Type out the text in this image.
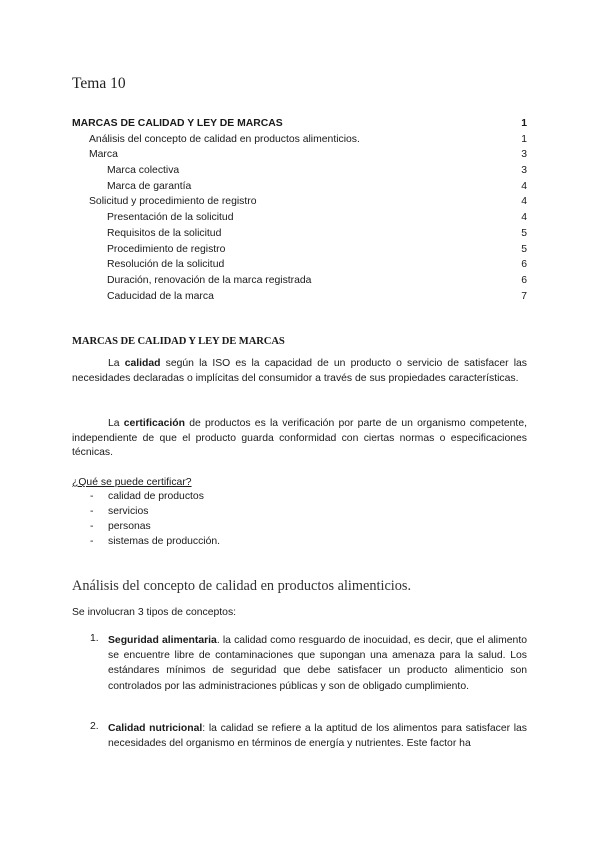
Tema 10
MARCAS DE CALIDAD Y LEY DE MARCAS	1
Análisis del concepto de calidad en productos alimenticios.	1
Marca	3
Marca colectiva	3
Marca de garantía	4
Solicitud y procedimiento de registro	4
Presentación de la solicitud	4
Requisitos de la solicitud	5
Procedimiento de registro	5
Resolución de la solicitud	6
Duración, renovación de la marca registrada	6
Caducidad de la marca	7
MARCAS DE CALIDAD Y LEY DE MARCAS

La calidad según la ISO es la capacidad de un producto o servicio de satisfacer las necesidades declaradas o implícitas del consumidor a través de sus propiedades características.

La certificación de productos es la verificación por parte de un organismo competente, independiente de que el producto guarda conformidad con ciertas normas o especificaciones técnicas.

¿Qué se puede certificar?
- calidad de productos
- servicios
- personas
- sistemas de producción.
Análisis del concepto de calidad en productos alimenticios.
Se involucran 3 tipos de conceptos:
1. Seguridad alimentaria. la calidad como resguardo de inocuidad, es decir, que el alimento se encuentre libre de contaminaciones que supongan una amenaza para la salud. Los estándares mínimos de seguridad que debe satisfacer un producto alimenticio son controlados por las administraciones públicas y son de obligado cumplimiento.
2. Calidad nutricional: la calidad se refiere a la aptitud de los alimentos para satisfacer las necesidades del organismo en términos de energía y nutrientes. Este factor ha
